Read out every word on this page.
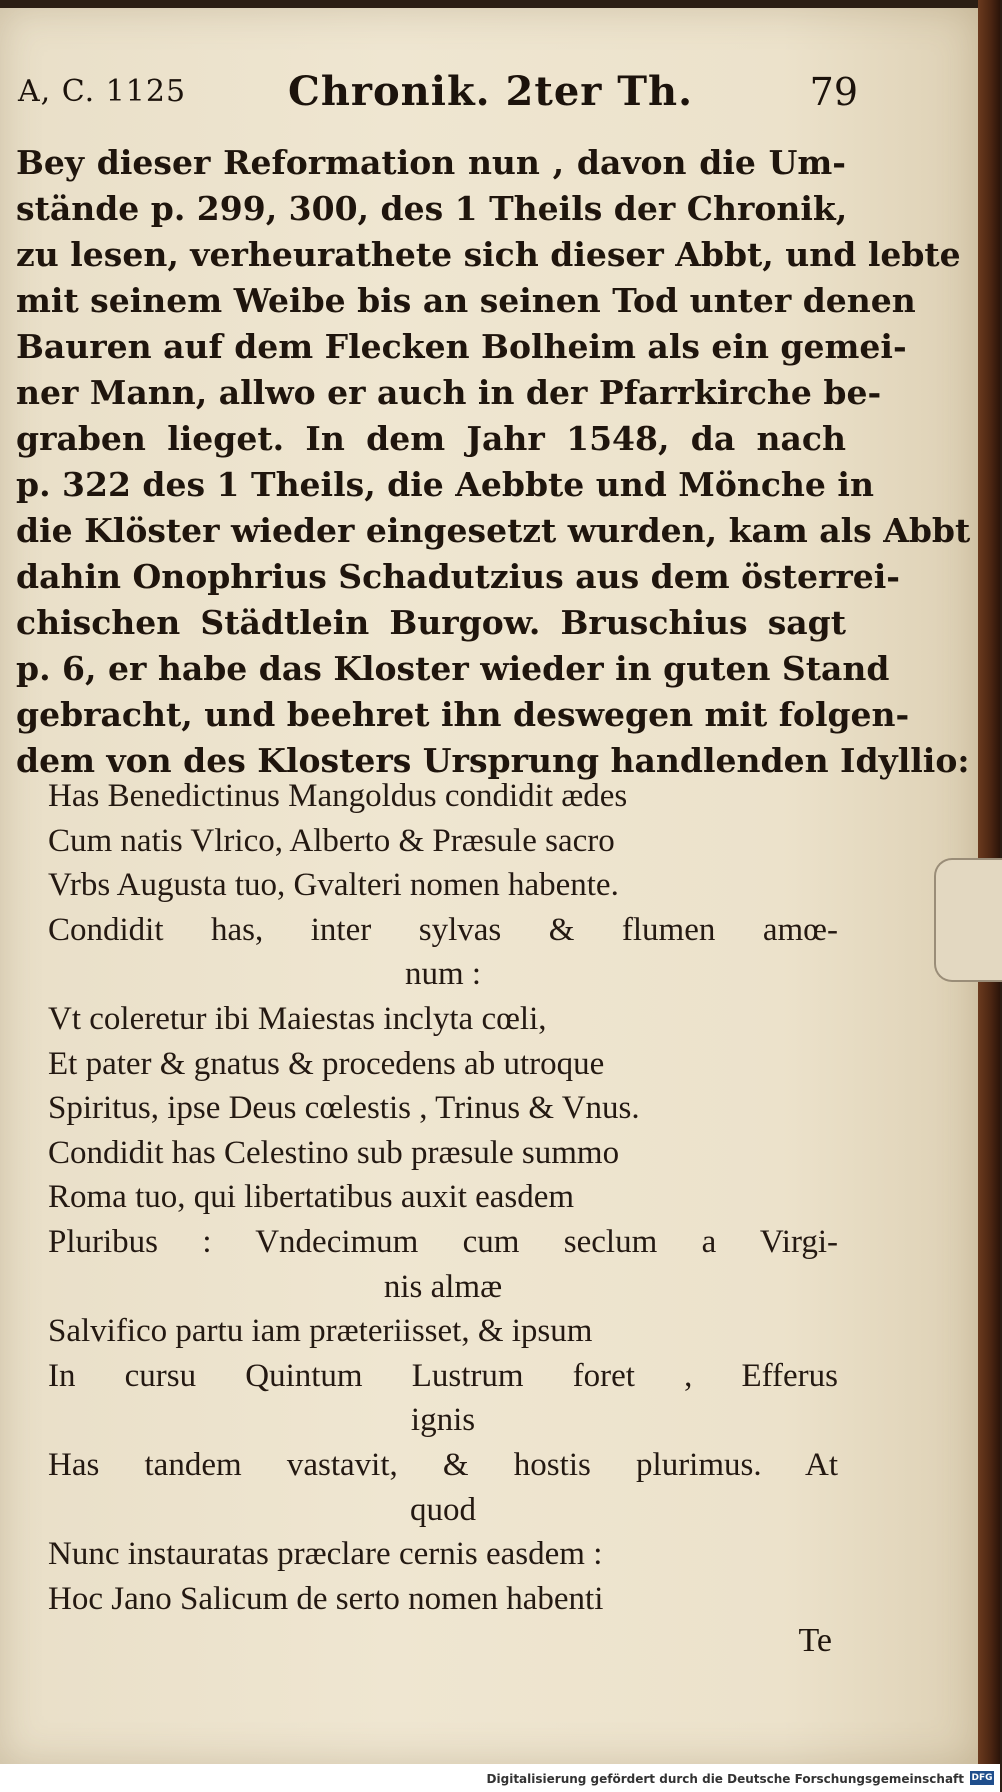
A, C. 1125	Chronik. 2ter Th.	79
Bey dieser Reformation nun , davon die Um-
stände p. 299, 300, des 1 Theils der Chronik,
zu lesen, verheurathete sich dieser Abbt, und lebte
mit seinem Weibe bis an seinen Tod unter denen
Bauren auf dem Flecken Bolheim als ein gemei-
ner Mann, allwo er auch in der Pfarrkirche be-
graben lieget. In dem Jahr 1548, da nach
p. 322 des 1 Theils, die Aebbte und Mönche in
die Klöster wieder eingesetzt wurden, kam als Abbt
dahin Onophrius Schadutzius aus dem österrei-
chischen Städtlein Burgow. Bruschius sagt
p. 6, er habe das Kloster wieder in guten Stand
gebracht, und beehret ihn deswegen mit folgen-
dem von des Klosters Ursprung handlenden Idyllio:
Has Benedictinus Mangoldus condidit ædes
Cum natis Vlrico, Alberto & Præsule sacro
Vrbs Augusta tuo, Gvalteri nomen habente.
Condidit has, inter sylvas & flumen amœ-
num :
Vt coleretur ibi Maiestas inclyta cœli,
Et pater & gnatus & procedens ab utroque
Spiritus, ipse Deus cœlestis , Trinus & Vnus.
Condidit has Celestino sub præsule summo
Roma tuo, qui libertatibus auxit easdem
Pluribus : Vndecimum cum seclum a Virgi-
nis almæ
Salvifico partu iam præteriisset, & ipsum
In cursu Quintum Lustrum foret , Efferus
ignis
Has tandem vastavit, & hostis plurimus. At
quod
Nunc instauratas præclare cernis easdem :
Hoc Jano Salicum de serto nomen habenti
Te
Digitalisierung gefördert durch die Deutsche Forschungsgemeinschaft DFG
